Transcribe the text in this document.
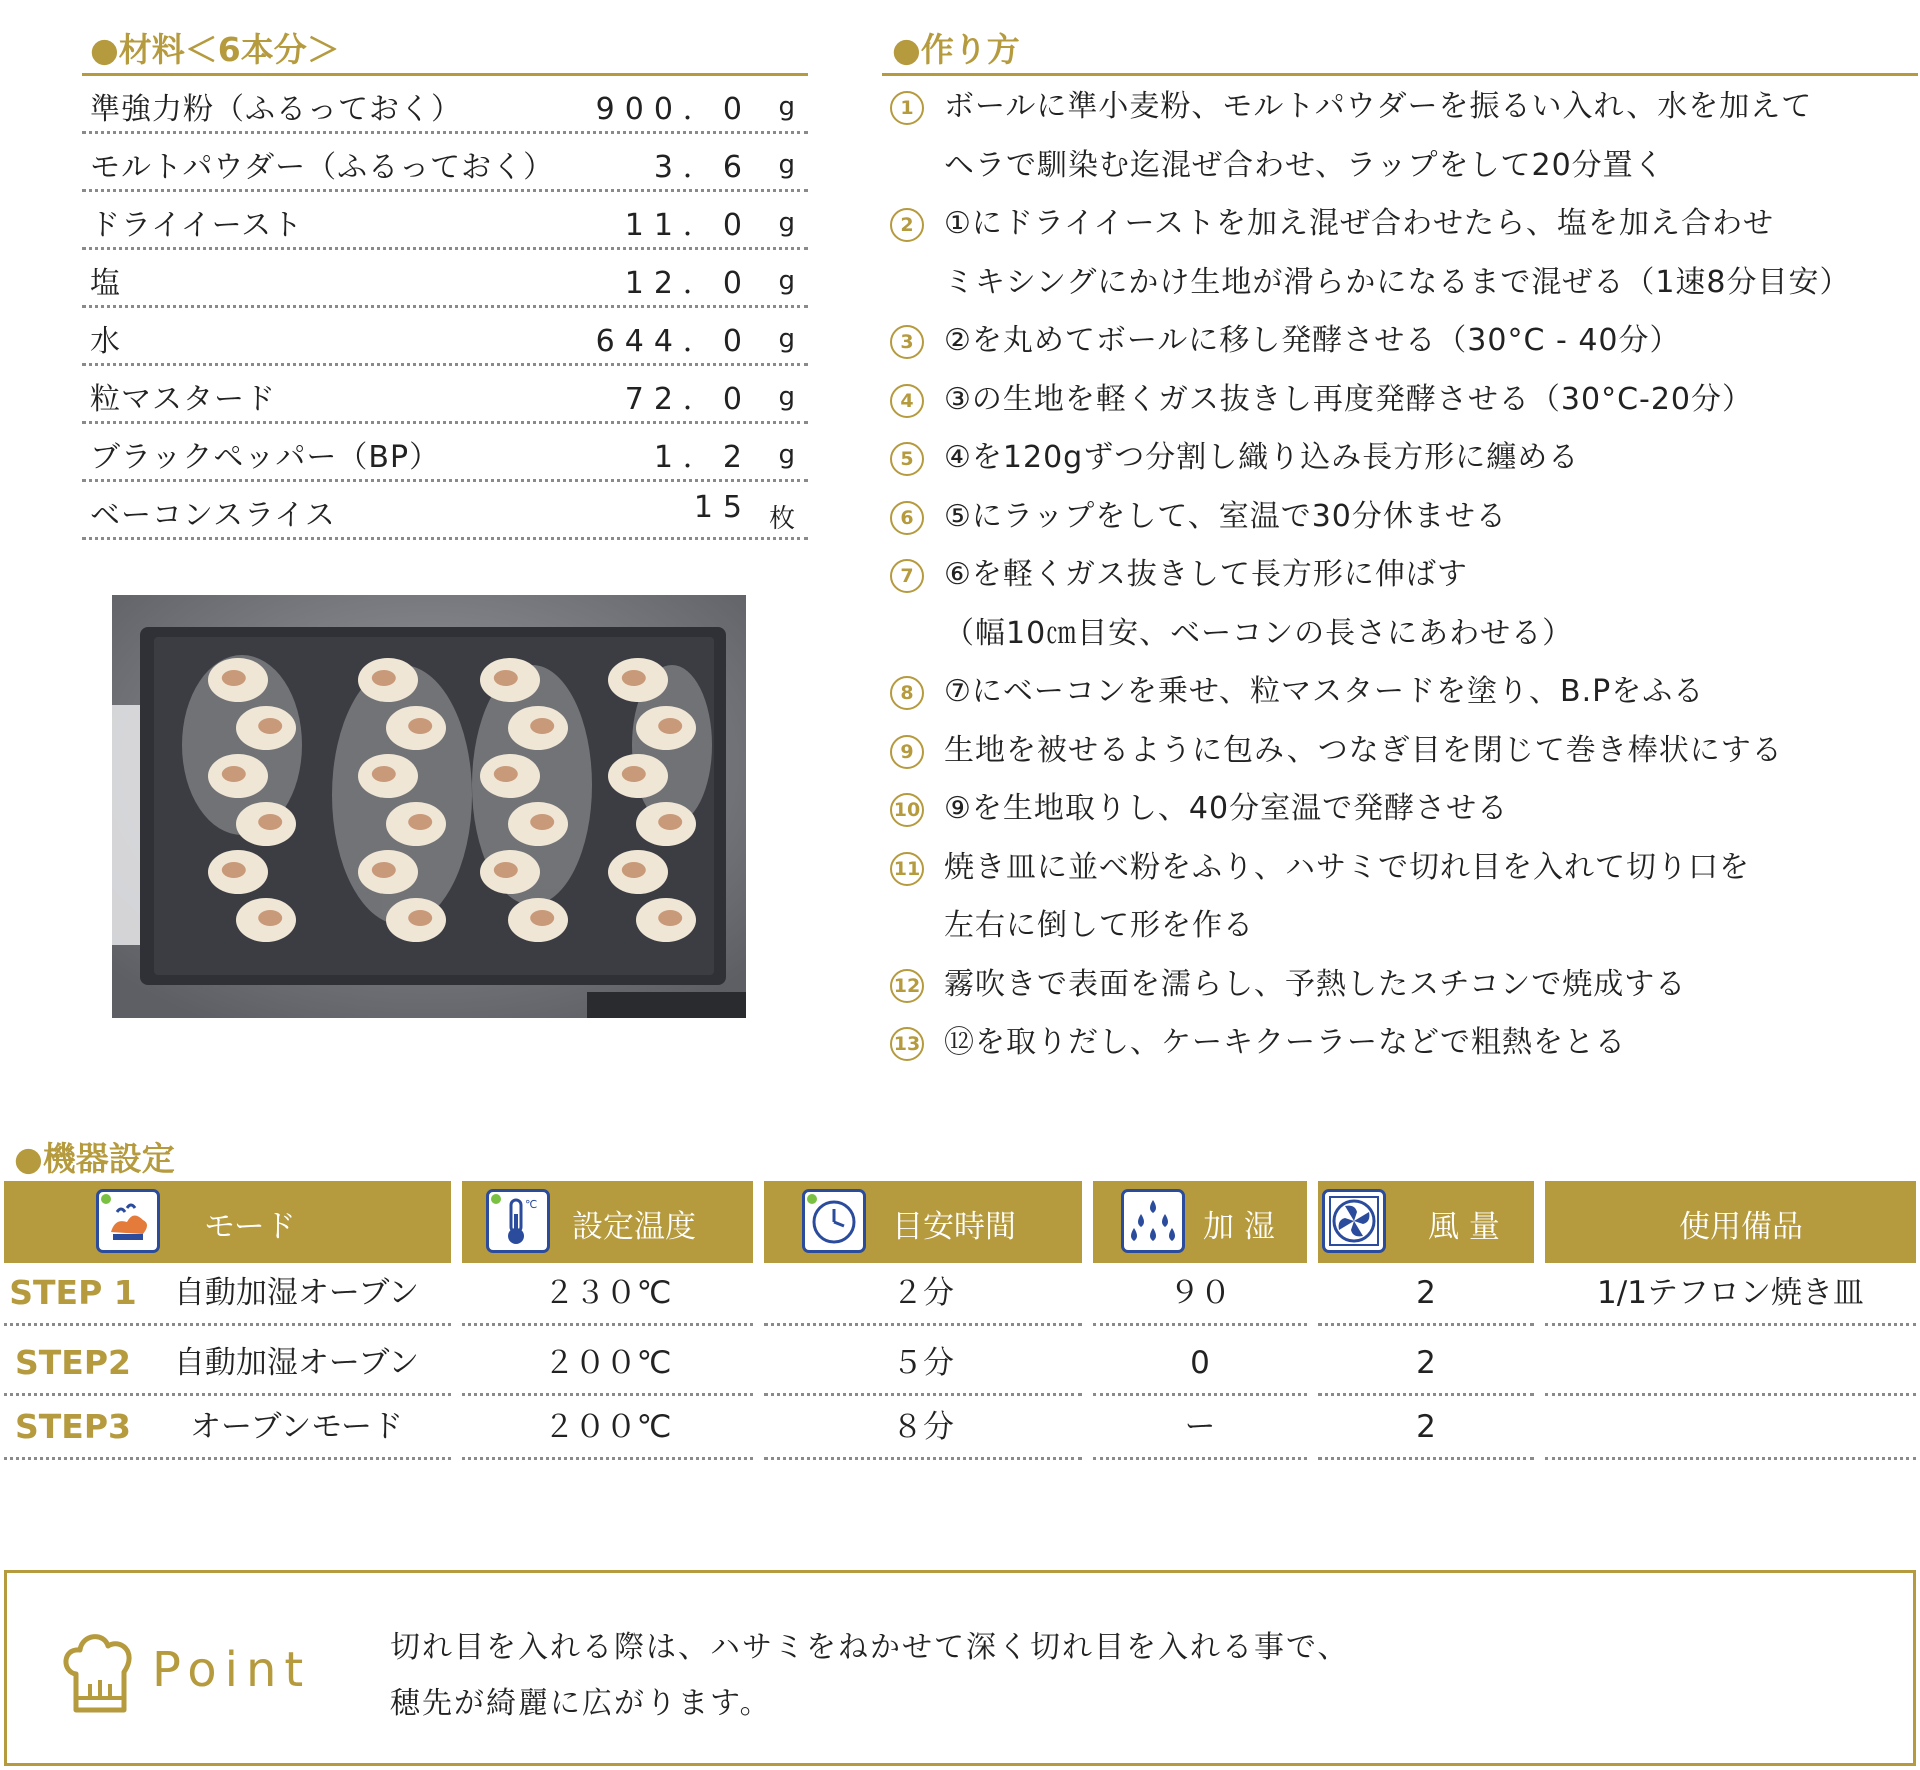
●材料＜6本分＞
準強力粉（ふるっておく）	900．0 g
モルトパウダー（ふるっておく）	3．6 g
ドライイースト	11．0 g
塩	12．0 g
水	644．0 g
粒マスタード	72．0 g
ブラックペッパー（BP）	1．2 g
ベーコンスライス	15 枚
●作り方
1	ボールに準小麦粉、モルトパウダーを振るい入れ、水を加えて
ヘラで馴染む迄混ぜ合わせ、ラップをして20分置く
2	①にドライイーストを加え混ぜ合わせたら、塩を加え合わせ
ミキシングにかけ生地が滑らかになるまで混ぜる（1速8分目安）
3	②を丸めてボールに移し発酵させる（30°C - 40分）
4	③の生地を軽くガス抜きし再度発酵させる（30°C-20分）
5	④を120gずつ分割し織り込み長方形に纏める
6	⑤にラップをして、室温で30分休ませる
7	⑥を軽くガス抜きして長方形に伸ばす
（幅10㎝目安、ベーコンの長さにあわせる）
8	⑦にベーコンを乗せ、粒マスタードを塗り、B.Pをふる
9	生地を被せるように包み、つなぎ目を閉じて巻き棒状にする
10 ⑨を生地取りし、40分室温で発酵させる
11 焼き皿に並べ粉をふり、ハサミで切れ目を入れて切り口を
左右に倒して形を作る
12 霧吹きで表面を濡らし、予熱したスチコンで焼成する
13 ⑫を取りだし、ケーキクーラーなどで粗熱をとる
●機器設定
モード
℃
設定温度	目安時間	加 湿	風 量	使用備品
STEP 1	自動加湿オーブン	２３０℃	２分	９０	2	1/1テフロン焼き皿
STEP2	自動加湿オーブン	２００℃	５分	0	2
STEP3	オーブンモード	２００℃	８分	ー	2
Point	切れ目を入れる際は、ハサミをねかせて深く切れ目を入れる事で、
穂先が綺麗に広がります。
